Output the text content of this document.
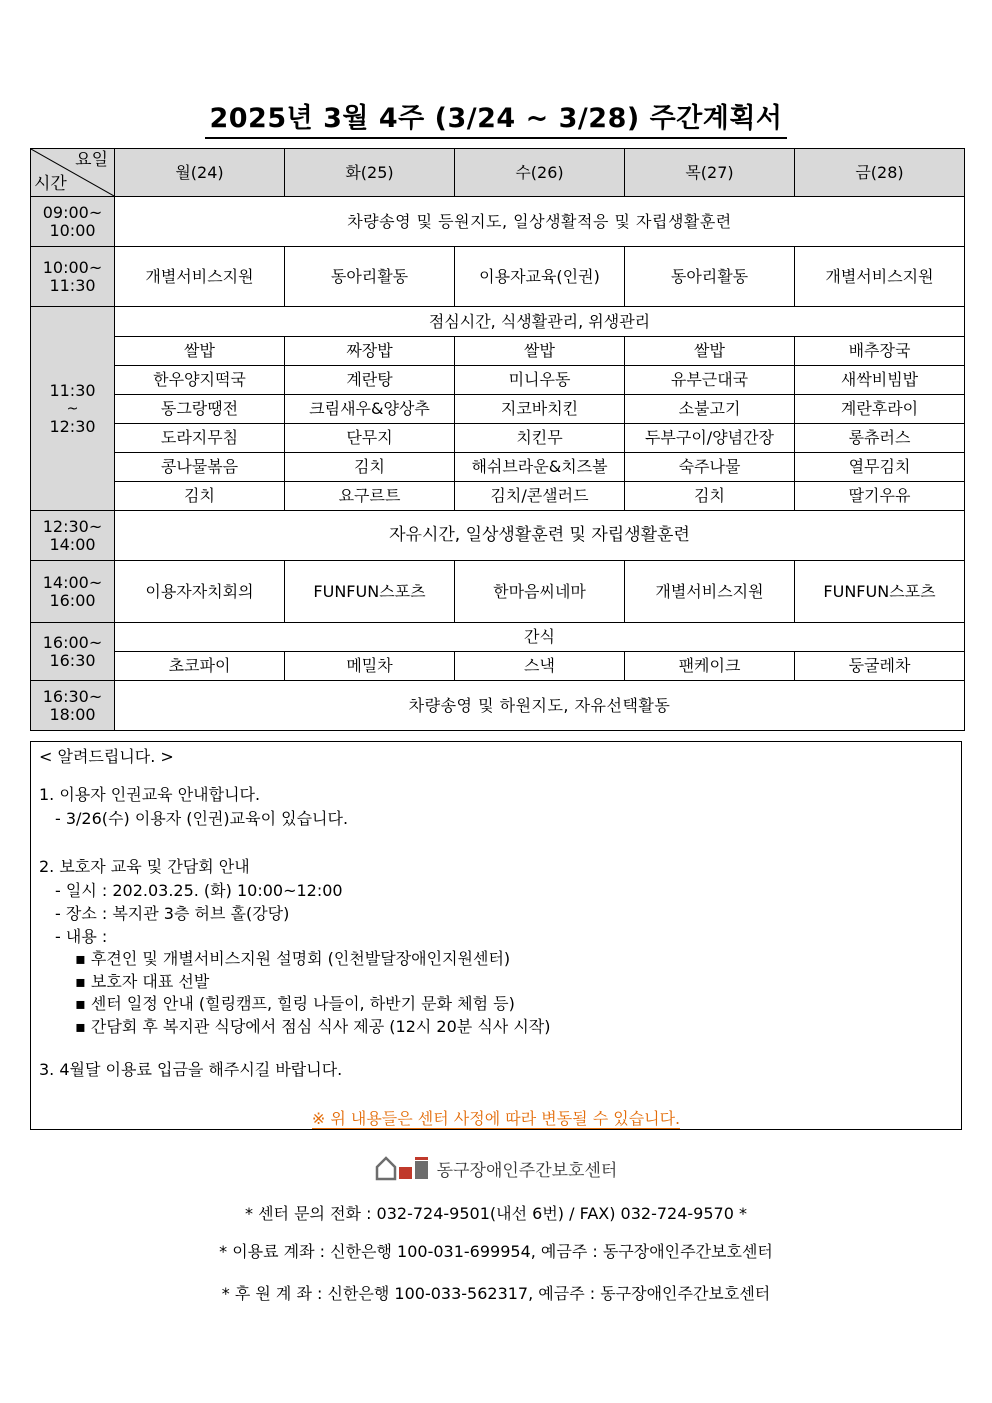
2025년 3월 4주 (3/24 ~ 3/28) 주간계획서
요일
시간	월(24)	화(25)	수(26)	목(27)	금(28)
09:00~
10:00	차량송영 및 등원지도, 일상생활적응 및 자립생활훈련				
10:00~
11:30	개별서비스지원	동아리활동	이용자교육(인권)	동아리활동	개별서비스지원
11:30
~
12:30	점심시간, 식생활관리, 위생관리				
	쌀밥	짜장밥	쌀밥	쌀밥	배추장국
	한우양지떡국	계란탕	미니우동	유부근대국	새싹비빔밥
	동그랑땡전	크림새우&양상추	지코바치킨	소불고기	계란후라이
	도라지무침	단무지	치킨무	두부구이/양념간장	롱츄러스
	콩나물볶음	김치	해쉬브라운&치즈볼	숙주나물	열무김치
	김치	요구르트	김치/콘샐러드	김치	딸기우유
12:30~
14:00	자유시간, 일상생활훈련 및 자립생활훈련				
14:00~
16:00	이용자자치회의	FUNFUN스포츠	한마음씨네마	개별서비스지원	FUNFUN스포츠
16:00~
16:30	간식				
	초코파이	메밀차	스낵	팬케이크	둥굴레차
16:30~
18:00	차량송영 및 하원지도, 자유선택활동				
< 알려드립니다. >
1. 이용자 인권교육 안내합니다.
- 3/26(수) 이용자 (인권)교육이 있습니다.
2. 보호자 교육 및 간담회 안내
- 일시 : 202.03.25. (화) 10:00~12:00
- 장소 : 복지관 3층 허브 홀(강당)
- 내용 :
▪ 후견인 및 개별서비스지원 설명회 (인천발달장애인지원센터)
▪ 보호자 대표 선발
▪ 센터 일정 안내 (힐링캠프, 힐링 나들이, 하반기 문화 체험 등)
▪ 간담회 후 복지관 식당에서 점심 식사 제공 (12시 20분 식사 시작)
3. 4월달 이용료 입금을 해주시길 바랍니다.
※ 위 내용들은 센터 사정에 따라 변동될 수 있습니다.
동구장애인주간보호센터
* 센터 문의 전화 : 032-724-9501(내선 6번) / FAX) 032-724-9570 *
* 이용료 계좌 : 신한은행 100-031-699954, 예금주 : 동구장애인주간보호센터
* 후 원 계 좌 : 신한은행 100-033-562317, 예금주 : 동구장애인주간보호센터
